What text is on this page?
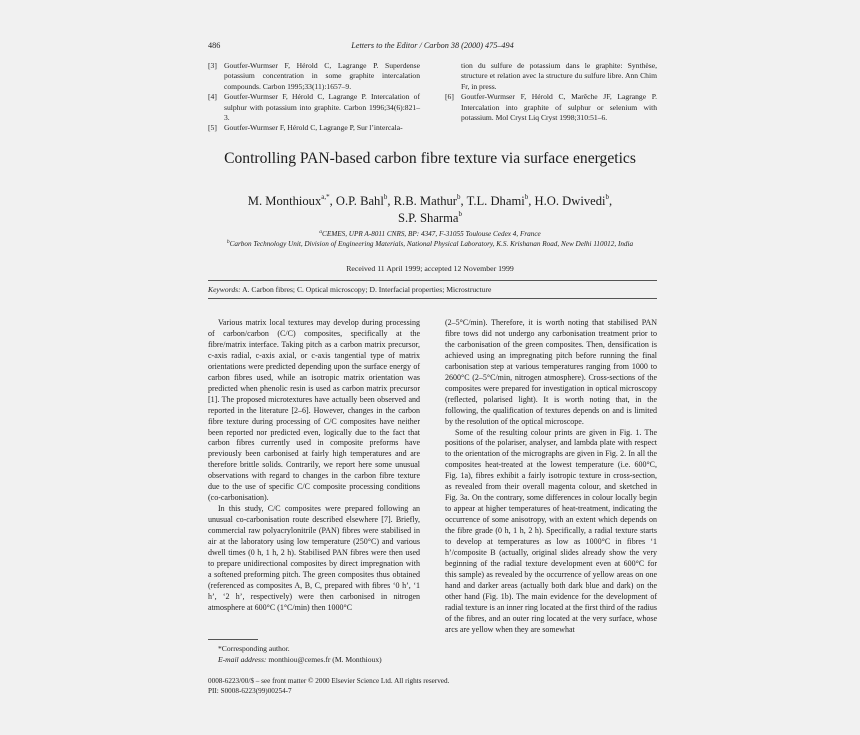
486	Letters to the Editor / Carbon 38 (2000) 475–494
[3] Goutfer-Wurmser F, Hérold C, Lagrange P. Superdense potassium concentration in some graphite intercalation compounds. Carbon 1995;33(11):1657–9.
[4] Goutfer-Wurmser F, Hérold C, Lagrange P. Intercalation of sulphur with potassium into graphite. Carbon 1996;34(6):821–3.
[5] Goutfer-Wurmser F, Hérold C, Lagrange P, Sur l’intercala-
tion du sulfure de potassium dans le graphite: Synthèse, structure et relation avec la structure du sulfure libre. Ann Chim Fr, in press.
[6] Goutfer-Wurmser F, Hérold C, Marêche JF, Lagrange P. Intercalation into graphite of sulphur or selenium with potassium. Mol Cryst Liq Cryst 1998;310:51–6.
Controlling PAN-based carbon fibre texture via surface energetics
M. Monthioux$^{a,*}$, O.P. Bahl$^b$, R.B. Mathur$^b$, T.L. Dhami$^b$, H.O. Dwivedi$^b$,
S.P. Sharma$^b$
$^a$CEMES, UPR A-8011 CNRS, BP: 4347, F-31055 Toulouse Cedex 4, France
$^b$Carbon Technology Unit, Division of Engineering Materials, National Physical Laboratory, K.S. Krishanan Road, New Delhi 110012, India
Received 11 April 1999; accepted 12 November 1999
Keywords: A. Carbon fibres; C. Optical microscopy; D. Interfacial properties; Microstructure

Various matrix local textures may develop during processing of carbon/carbon (C/C) composites, specifically at the fibre/matrix interface. Taking pitch as a carbon matrix precursor, c-axis radial, c-axis axial, or c-axis tangential type of matrix orientations were predicted depending upon the surface energy of carbon fibres used, while an isotropic matrix orientation was predicted when phenolic resin is used as carbon matrix precursor [1]. The proposed microtextures have actually been observed and reported in the literature [2–6]. However, changes in the carbon fibre texture during processing of C/C composites have neither been reported nor predicted even, logically due to the fact that carbon fibres currently used in composite preforms have previously been carbonised at fairly high temperatures and are therefore brittle solids. Contrarily, we report here some unusual observations with regard to changes in the carbon fibre texture due to the use of specific C/C composite processing conditions (co-carbonisation).

In this study, C/C composites were prepared following an unusual co-carbonisation route described elsewhere [7]. Briefly, commercial raw polyacrylonitrile (PAN) fibres were stabilised in air at the laboratory using low temperature (250°C) and various dwell times (0 h, 1 h, 2 h). Stabilised PAN fibres were then used to prepare unidirectional composites by direct impregnation with a softened preforming pitch. The green composites thus obtained (referenced as composites A, B, C, prepared with fibres ‘0 h’, ‘1 h’, ‘2 h’, respectively) were then carbonised in nitrogen atmosphere at 600°C (1°C/min) then 1000°C

(2–5°C/min). Therefore, it is worth noting that stabilised PAN fibre tows did not undergo any carbonisation treatment prior to the carbonisation of the green composites. Then, densification is achieved using an impregnating pitch before running the final carbonisation step at various temperatures ranging from 1000 to 2600°C (2–5°C/min, nitrogen atmosphere). Cross-sections of the composites were prepared for investigation in optical microscopy (reflected, polarised light). It is worth noting that, in the following, the qualification of textures depends on and is limited by the resolution of the optical microscope.

Some of the resulting colour prints are given in Fig. 1. The positions of the polariser, analyser, and lambda plate with respect to the orientation of the micrographs are given in Fig. 2. In all the composites heat-treated at the lowest temperature (i.e. 600°C, Fig. 1a), fibres exhibit a fairly isotropic texture in cross-section, as revealed from their overall magenta colour, and sketched in Fig. 3a. On the contrary, some differences in colour locally begin to appear at higher temperatures of heat-treatment, indicating the occurrence of some anisotropy, with an extent which depends on the fibre grade (0 h, 1 h, 2 h). Specifically, a radial texture starts to develop at temperatures as low as 1000°C in fibres ‘1 h’/composite B (actually, original slides already show the very beginning of the radial texture development even at 600°C for this sample) as revealed by the occurrence of yellow areas on one hand and darker areas (actually both dark blue and dark) on the other hand (Fig. 1b). The main evidence for the development of radial texture is an inner ring located at the first third of the radius of the fibres, and an outer ring located at the very surface, whose arcs are yellow when they are somewhat

*Corresponding author.
E-mail address: monthiou@cemes.fr (M. Monthioux)
0008-6223/00/$ – see front matter © 2000 Elsevier Science Ltd. All rights reserved.
PII: S0008-6223(99)00254-7
